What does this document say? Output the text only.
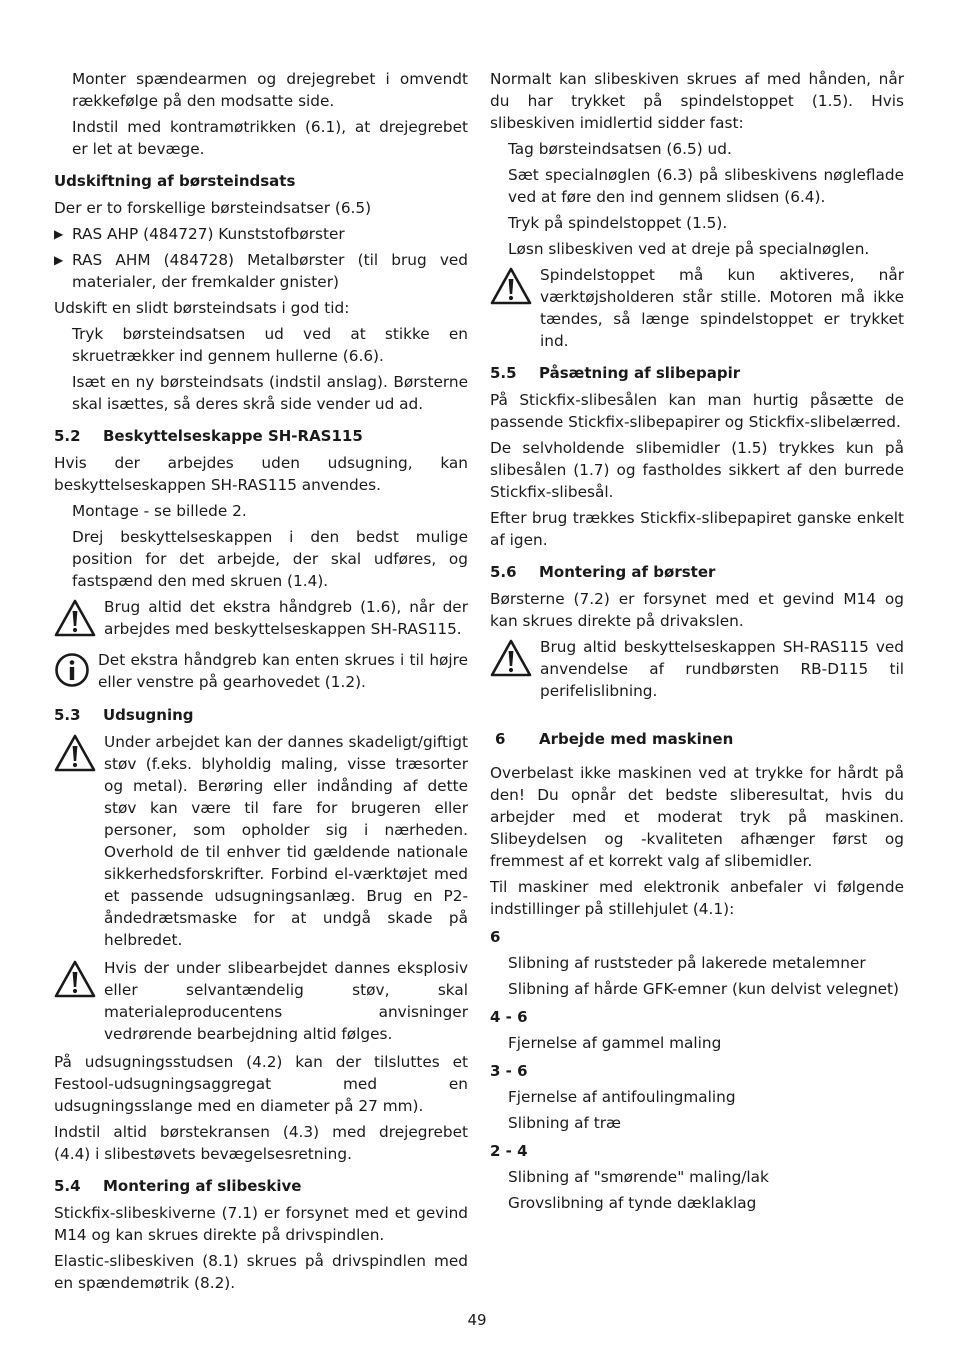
Monter spændearmen og drejegrebet i omvendt rækkefølge på den modsatte side.

Indstil med kontramøtrikken (6.1), at drejegrebet er let at bevæge.

Udskiftning af børsteindsats

Der er to forskellige børsteindsatser (6.5)

▶ RAS AHP (484727) Kunststofbørster
▶ RAS AHM (484728) Metalbørster (til brug ved materialer, der fremkalder gnister)

Udskift en slidt børsteindsats i god tid:

Tryk børsteindsatsen ud ved at stikke en skruetrækker ind gennem hullerne (6.6).

Isæt en ny børsteindsats (indstil anslag). Børsterne skal isættes, så deres skrå side vender ud ad.

5.2 Beskyttelseskappe SH-RAS115

Hvis der arbejdes uden udsugning, kan beskyttelseskappen SH-RAS115 anvendes.

Montage - se billede 2.

Drej beskyttelseskappen i den bedst mulige position for det arbejde, der skal udføres, og fastspænd den med skruen (1.4).

Brug altid det ekstra håndgreb (1.6), når der arbejdes med beskyttelseskappen SH-RAS115.
Det ekstra håndgreb kan enten skrues i til højre eller venstre på gearhovedet (1.2).
5.3 Udsugning
Under arbejdet kan der dannes skadeligt/giftigt støv (f.eks. blyholdig maling, visse træsorter og metal). Berøring eller indånding af dette støv kan være til fare for brugeren eller personer, som opholder sig i nærheden. Overhold de til enhver tid gældende nationale sikkerhedsforskrifter. Forbind el-værktøjet med et passende udsugningsanlæg. Brug en P2-åndedrætsmaske for at undgå skade på helbredet.
Hvis der under slibearbejdet dannes eksplosiv eller selvantændelig støv, skal materialeproducentens anvisninger vedrørende bearbejdning altid følges.

På udsugningsstudsen (4.2) kan der tilsluttes et Festool-udsugningsaggregat med en udsugningsslange med en diameter på 27 mm).

Indstil altid børstekransen (4.3) med drejegrebet (4.4) i slibestøvets bevægelsesretning.

5.4 Montering af slibeskive

Stickfix-slibeskiverne (7.1) er forsynet med et gevind M14 og kan skrues direkte på drivspindlen.

Elastic-slibeskiven (8.1) skrues på drivspindlen med en spændemøtrik (8.2).

Normalt kan slibeskiven skrues af med hånden, når du har trykket på spindelstoppet (1.5). Hvis slibeskiven imidlertid sidder fast:

Tag børsteindsatsen (6.5) ud.

Sæt specialnøglen (6.3) på slibeskivens nøgleflade ved at føre den ind gennem slidsen (6.4).

Tryk på spindelstoppet (1.5).

Løsn slibeskiven ved at dreje på specialnøglen.

Spindelstoppet må kun aktiveres, når værktøjsholderen står stille. Motoren må ikke tændes, så længe spindelstoppet er trykket ind.
5.5 Påsætning af slibepapir

På Stickfix-slibesålen kan man hurtig påsætte de passende Stickfix-slibepapirer og Stickfix-slibelærred.

De selvholdende slibemidler (1.5) trykkes kun på slibesålen (1.7) og fastholdes sikkert af den burrede Stickfix-slibesål.

Efter brug trækkes Stickfix-slibepapiret ganske enkelt af igen.

5.6 Montering af børster

Børsterne (7.2) er forsynet med et gevind M14 og kan skrues direkte på drivakslen.

Brug altid beskyttelseskappen SH-RAS115 ved anvendelse af rundbørsten RB-D115 til perifelislibning.
6 Arbejde med maskinen

Overbelast ikke maskinen ved at trykke for hårdt på den! Du opnår det bedste sliberesultat, hvis du arbejder med et moderat tryk på maskinen. Slibeydelsen og -kvaliteten afhænger først og fremmest af et korrekt valg af slibemidler.

Til maskiner med elektronik anbefaler vi følgende indstillinger på stillehjulet (4.1):

6

Slibning af ruststeder på lakerede metalemner

Slibning af hårde GFK-emner (kun delvist velegnet)

4 - 6

Fjernelse af gammel maling

3 - 6

Fjernelse af antifoulingmaling

Slibning af træ

2 - 4

Slibning af "smørende" maling/lak

Grovslibning af tynde dæklaklag

49
